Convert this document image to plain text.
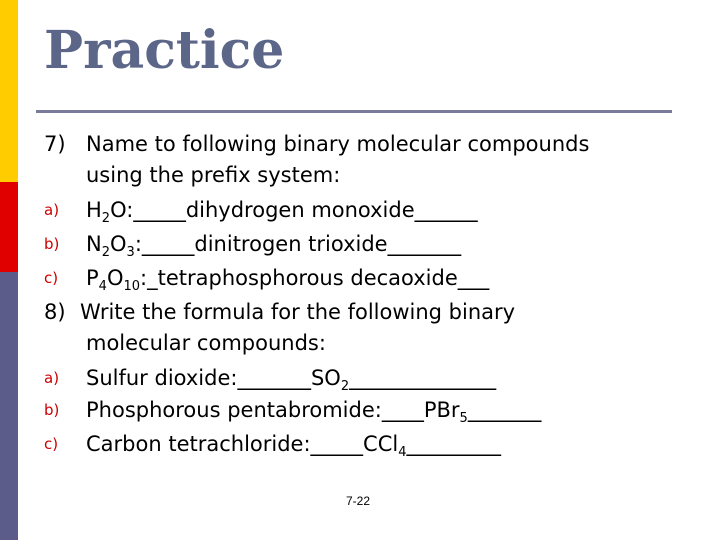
Practice
7) Name to following binary molecular compounds
using the prefix system:
a) $H_2O:\_\_\_\_\_dihydrogen$ monoxide______
b) $N_2O_3:\_\_\_\_\_dinitrogen$ trioxide_______
c) $P_4O_{10}:\_tetraphosphorous$ decaoxide___
8) Write the formula for the following binary
molecular compounds:
a) Sulfur $dioxide:\_\_\_\_\_\_\_SO_2\_\_\_\_\_\_\_\_\_\_\_\_\_\_$
b) Phosphorous pentabromide:____PBr$_5$_______
c) Carbon tetrachloride:_____CCl$_4$_________
7-22
